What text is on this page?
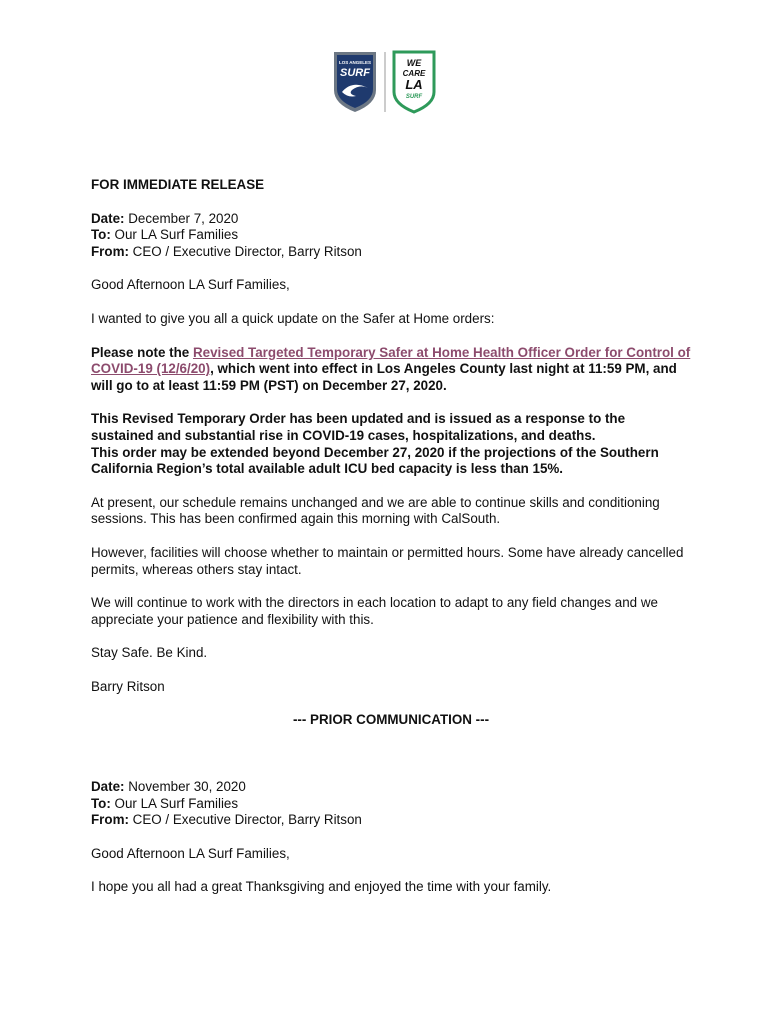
LOS ANGELES
SURF
WE
CARE
LA
SURF

FOR IMMEDIATE RELEASE

Date: December 7, 2020

To: Our LA Surf Families

From: CEO / Executive Director, Barry Ritson

Good Afternoon LA Surf Families,

I wanted to give you all a quick update on the Safer at Home orders:

Please note the Revised Targeted Temporary Safer at Home Health Officer Order for Control of COVID-19 (12/6/20), which went into effect in Los Angeles County last night at 11:59 PM, and will go to at least 11:59 PM (PST) on December 27, 2020.

This Revised Temporary Order has been updated and is issued as a response to the sustained and substantial rise in COVID-19 cases, hospitalizations, and deaths.

This order may be extended beyond December 27, 2020 if the projections of the Southern California Region’s total available adult ICU bed capacity is less than 15%.

At present, our schedule remains unchanged and we are able to continue skills and conditioning sessions. This has been confirmed again this morning with CalSouth.

However, facilities will choose whether to maintain or permitted hours. Some have already cancelled permits, whereas others stay intact.

We will continue to work with the directors in each location to adapt to any field changes and we appreciate your patience and flexibility with this.

Stay Safe. Be Kind.

Barry Ritson

--- PRIOR COMMUNICATION ---

Date: November 30, 2020

To: Our LA Surf Families

From: CEO / Executive Director, Barry Ritson

Good Afternoon LA Surf Families,

I hope you all had a great Thanksgiving and enjoyed the time with your family.
